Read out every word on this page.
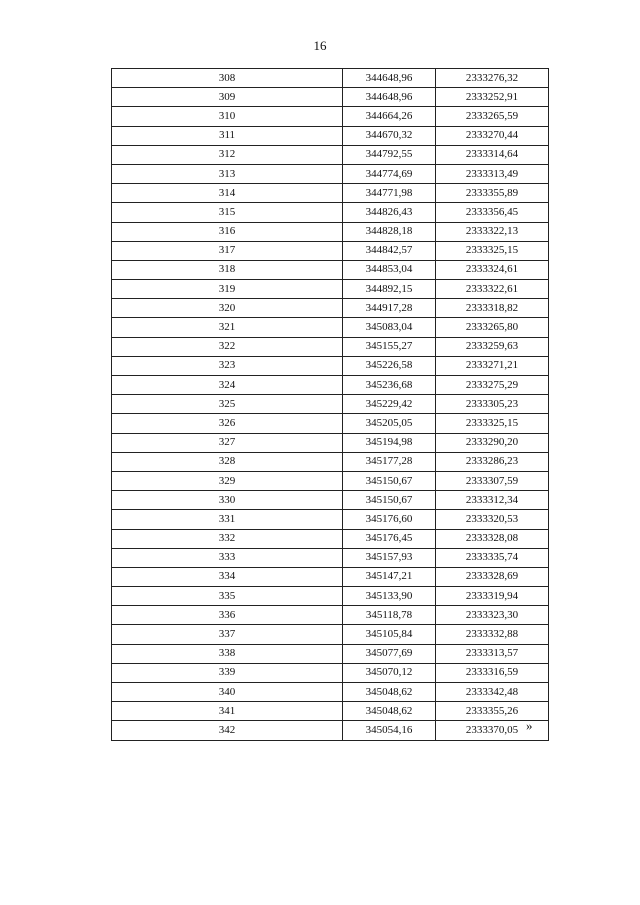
16
308	344648,96	2333276,32
309	344648,96	2333252,91
310	344664,26	2333265,59
311	344670,32	2333270,44
312	344792,55	2333314,64
313	344774,69	2333313,49
314	344771,98	2333355,89
315	344826,43	2333356,45
316	344828,18	2333322,13
317	344842,57	2333325,15
318	344853,04	2333324,61
319	344892,15	2333322,61
320	344917,28	2333318,82
321	345083,04	2333265,80
322	345155,27	2333259,63
323	345226,58	2333271,21
324	345236,68	2333275,29
325	345229,42	2333305,23
326	345205,05	2333325,15
327	345194,98	2333290,20
328	345177,28	2333286,23
329	345150,67	2333307,59
330	345150,67	2333312,34
331	345176,60	2333320,53
332	345176,45	2333328,08
333	345157,93	2333335,74
334	345147,21	2333328,69
335	345133,90	2333319,94
336	345118,78	2333323,30
337	345105,84	2333332,88
338	345077,69	2333313,57
339	345070,12	2333316,59
340	345048,62	2333342,48
341	345048,62	2333355,26
342	345054,16	2333370,05 »
